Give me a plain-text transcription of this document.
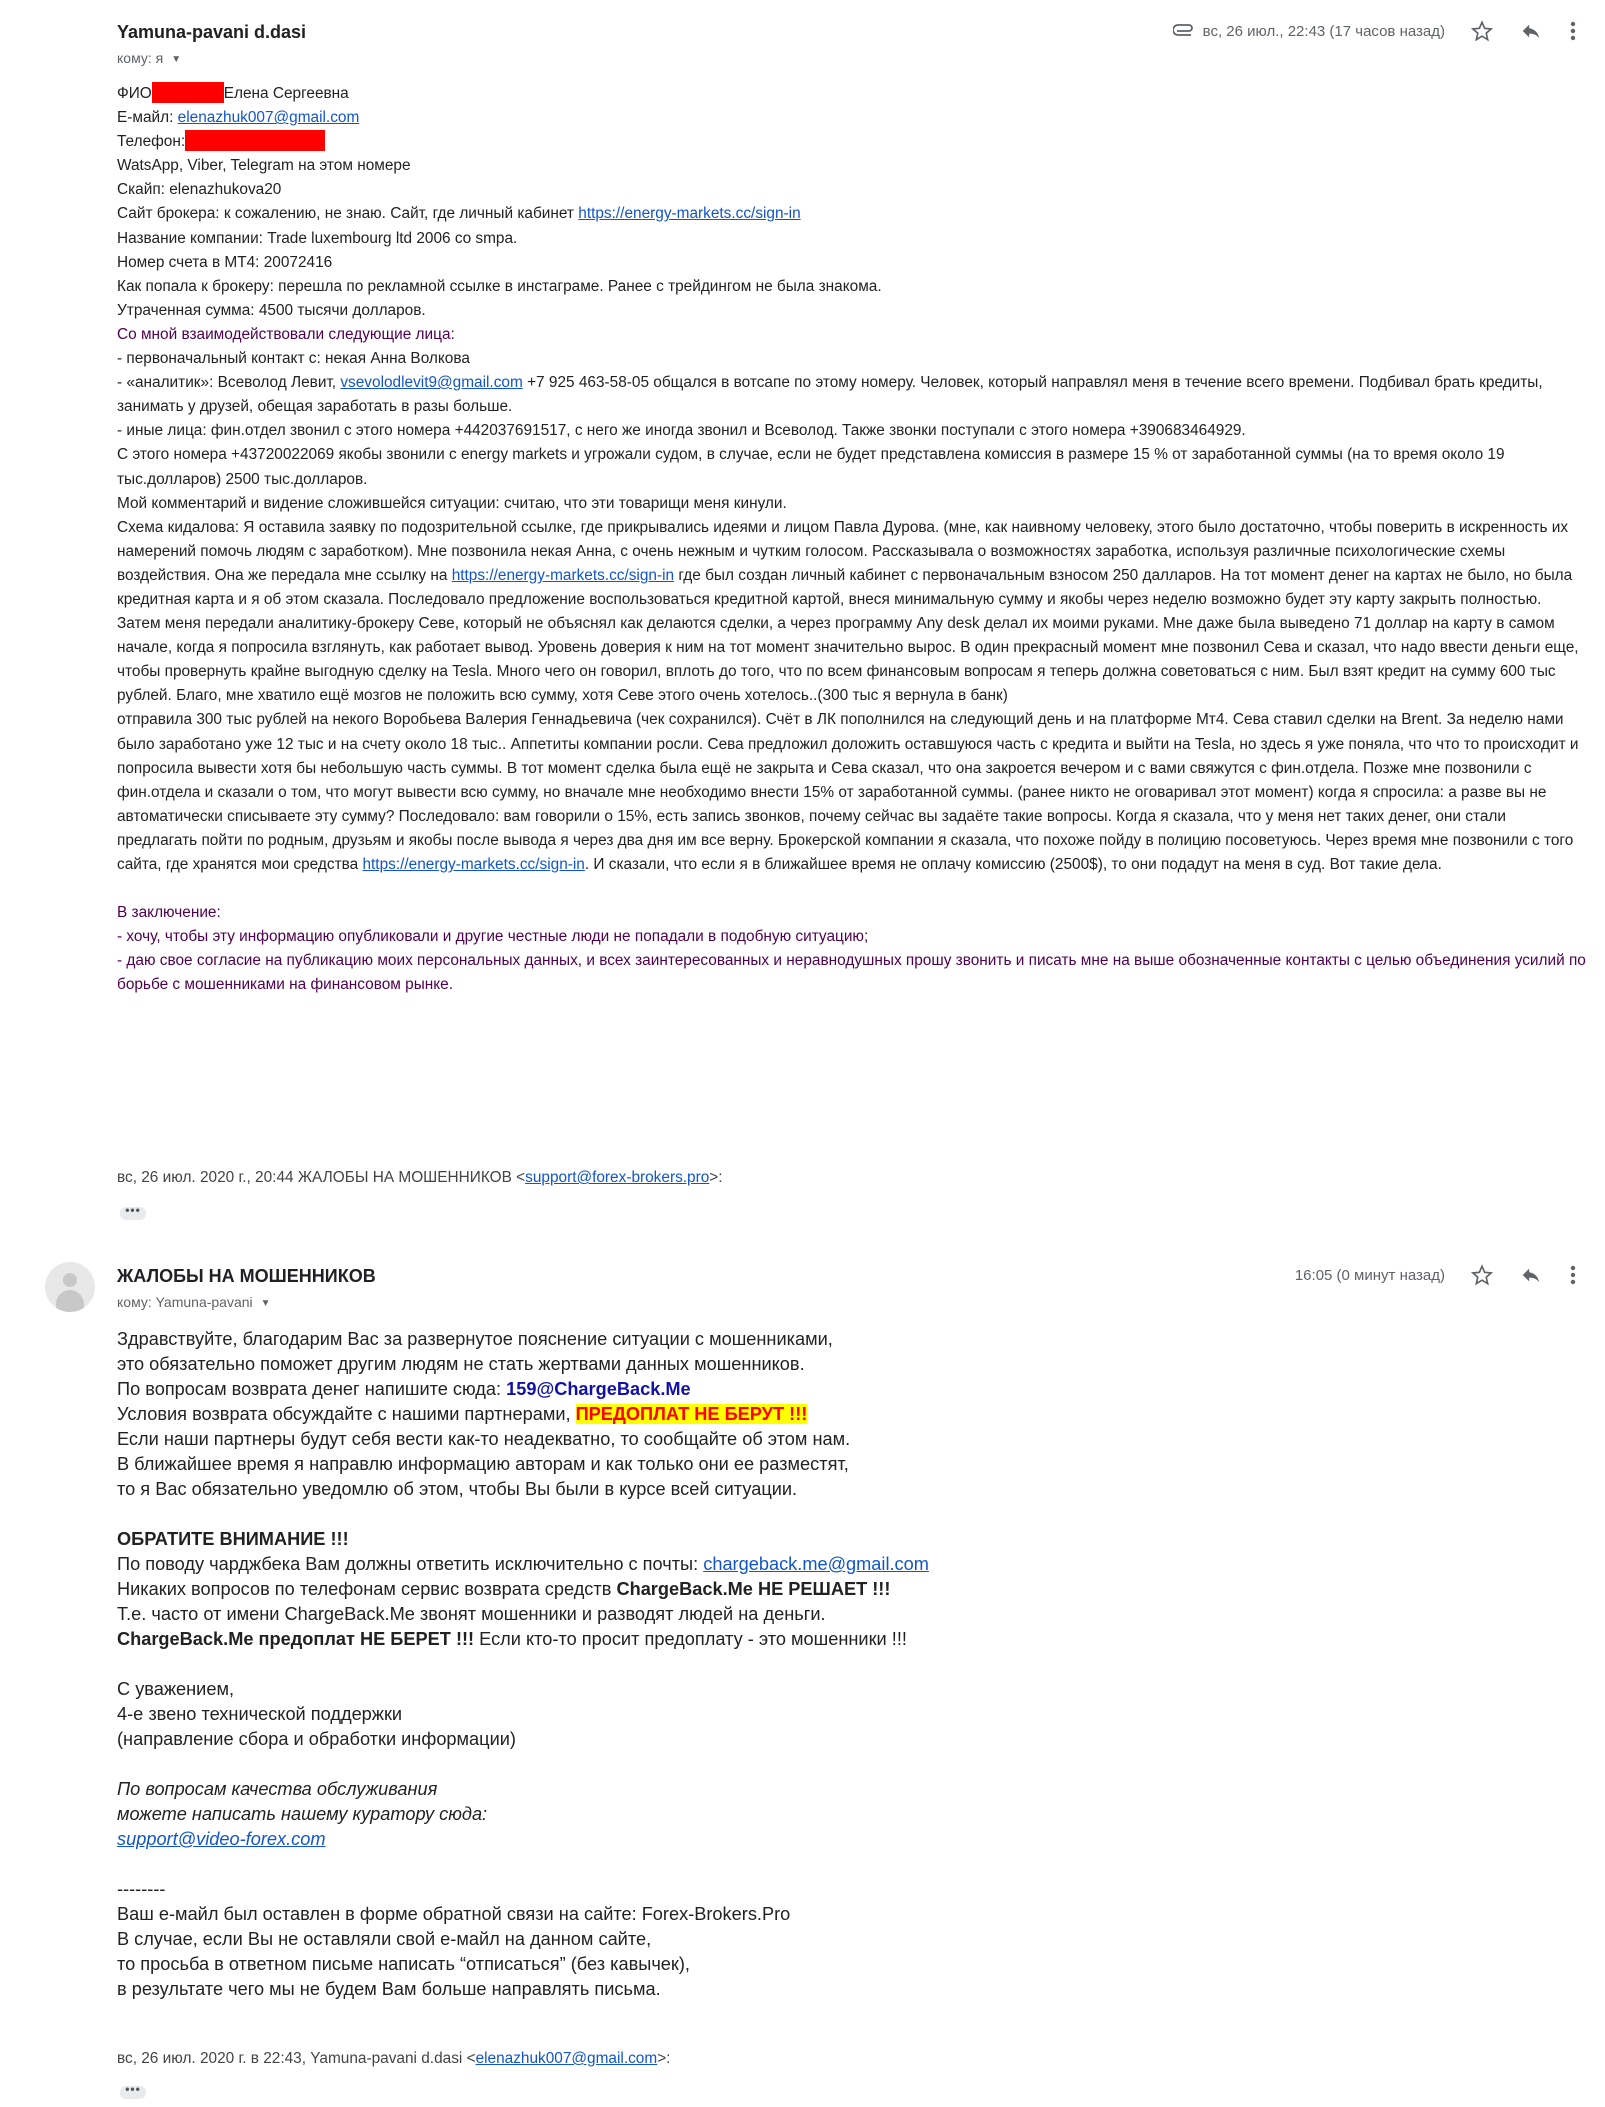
Yamuna-pavani d.dasi
кому: я ▼
вс, 26 июл., 22:43 (17 часов назад)

ФИО	Елена Сергеевна

E-майл: elenazhuk007@gmail.com

Телефон:

WatsApp, Viber, Telegram на этом номере

Скайп: elenazhukova20

Сайт брокера: к сожалению, не знаю. Сайт, где личный кабинет https://energy-markets.cc/sign-in

Название компании: Trade luxembourg ltd 2006 co smpa.

Номер счета в МТ4: 20072416

Как попала к брокеру: перешла по рекламной ссылке в инстаграме. Ранее с трейдингом не была знакома.

Утраченная сумма: 4500 тысячи долларов.

Со мной взаимодействовали следующие лица:

- первоначальный контакт с: некая Анна Волкова

- «аналитик»: Всеволод Левит, vsevolodlevit9@gmail.com +7 925 463-58-05 общался в вотсапе по этому номеру. Человек, который направлял меня в течение всего времени. Подбивал брать кредиты, занимать у друзей, обещая заработать в разы больше.

- иные лица: фин.отдел звонил с этого номера +442037691517, с него же иногда звонил и Всеволод. Также звонки поступали с этого номера +390683464929.

С этого номера +43720022069 якобы звонили с energy markets и угрожали судом, в случае, если не будет представлена комиссия в размере 15 % от заработанной суммы (на то время около 19 тыс.долларов) 2500 тыс.долларов.

Мой комментарий и видение сложившейся ситуации: считаю, что эти товарищи меня кинули.

Схема кидалова: Я оставила заявку по подозрительной ссылке, где прикрывались идеями и лицом Павла Дурова. (мне, как наивному человеку, этого было достаточно, чтобы поверить в искренность их намерений помочь людям с заработком). Мне позвонила некая Анна, с очень нежным и чутким голосом. Рассказывала о возможностях заработка, используя различные психологические схемы воздействия. Она же передала мне ссылку на https://energy-markets.cc/sign-in где был создан личный кабинет с первоначальным взносом 250 далларов. На тот момент денег на картах не было, но была кредитная карта и я об этом сказала. Последовало предложение воспользоваться кредитной картой, внеся минимальную сумму и якобы через неделю возможно будет эту карту закрыть полностью. Затем меня передали аналитику-брокеру Севе, который не объяснял как делаются сделки, а через программу Any desk делал их моими руками. Мне даже была выведено 71 доллар на карту в самом начале, когда я попросила взглянуть, как работает вывод. Уровень доверия к ним на тот момент значительно вырос. В один прекрасный момент мне позвонил Сева и сказал, что надо ввести деньги еще, чтобы провернуть крайне выгодную сделку на Tesla. Много чего он говорил, вплоть до того, что по всем финансовым вопросам я теперь должна советоваться с ним. Был взят кредит на сумму 600 тыс рублей. Благо, мне хватило ещё мозгов не положить всю сумму, хотя Севе этого очень хотелось..(300 тыс я вернула в банк)

отправила 300 тыс рублей на некого Воробьева Валерия Геннадьевича (чек сохранился). Счёт в ЛК пополнился на следующий день и на платформе Мт4. Сева ставил сделки на Brent. За неделю нами было заработано уже 12 тыс и на счету около 18 тыс.. Аппетиты компании росли. Сева предложил доложить оставшуюся часть с кредита и выйти на Tesla, но здесь я уже поняла, что что то происходит и попросила вывести хотя бы небольшую часть суммы. В тот момент сделка была ещё не закрыта и Сева сказал, что она закроется вечером и с вами свяжутся с фин.отдела. Позже мне позвонили с фин.отдела и сказали о том, что могут вывести всю сумму, но вначале мне необходимо внести 15% от заработанной суммы. (ранее никто не оговаривал этот момент) когда я спросила: а разве вы не автоматически списываете эту сумму? Последовало: вам говорили о 15%, есть запись звонков, почему сейчас вы задаёте такие вопросы. Когда я сказала, что у меня нет таких денег, они стали предлагать пойти по родным, друзьям и якобы после вывода я через два дня им все верну. Брокерской компании я сказала, что похоже пойду в полицию посоветуюсь. Через время мне позвонили с того сайта, где хранятся мои средства https://energy-markets.cc/sign-in. И сказали, что если я в ближайшее время не оплачу комиссию (2500$), то они подадут на меня в суд. Вот такие дела.

В заключение:

- хочу, чтобы эту информацию опубликовали и другие честные люди не попадали в подобную ситуацию;

- даю свое согласие на публикацию моих персональных данных, и всех заинтересованных и неравнодушных прошу звонить и писать мне на выше обозначенные контакты с целью объединения усилий по борьбе с мошенниками на финансовом рынке.

вс, 26 июл. 2020 г., 20:44 ЖАЛОБЫ НА МОШЕННИКОВ <support@forex-brokers.pro>:
•••
ЖАЛОБЫ НА МОШЕННИКОВ
кому: Yamuna-pavani ▼
16:05 (0 минут назад)

Здравствуйте, благодарим Вас за развернутое пояснение ситуации с мошенниками,

это обязательно поможет другим людям не стать жертвами данных мошенников.

По вопросам возврата денег напишите сюда: 159@ChargeBack.Me

Условия возврата обсуждайте с нашими партнерами, ПРЕДОПЛАТ НЕ БЕРУТ !!!

Если наши партнеры будут себя вести как-то неадекватно, то сообщайте об этом нам.

В ближайшее время я направлю информацию авторам и как только они ее разместят,

то я Вас обязательно уведомлю об этом, чтобы Вы были в курсе всей ситуации.

ОБРАТИТЕ ВНИМАНИЕ !!!

По поводу чарджбека Вам должны ответить исключительно с почты: chargeback.me@gmail.com

Никаких вопросов по телефонам сервис возврата средств ChargeBack.Me НЕ РЕШАЕТ !!!

Т.е. часто от имени ChargeBack.Me звонят мошенники и разводят людей на деньги.

ChargeBack.Me предоплат НЕ БЕРЕТ !!! Если кто-то просит предоплату - это мошенники !!!

С уважением,

4-е звено технической поддержки

(направление сбора и обработки информации)

По вопросам качества обслуживания

можете написать нашему куратору сюда:

support@video-forex.com

--------

Ваш е-майл был оставлен в форме обратной связи на сайте: Forex-Brokers.Pro

В случае, если Вы не оставляли свой е-майл на данном сайте,

то просьба в ответном письме написать “отписаться” (без кавычек),

в результате чего мы не будем Вам больше направлять письма.

вс, 26 июл. 2020 г. в 22:43, Yamuna-pavani d.dasi <elenazhuk007@gmail.com>:
•••
